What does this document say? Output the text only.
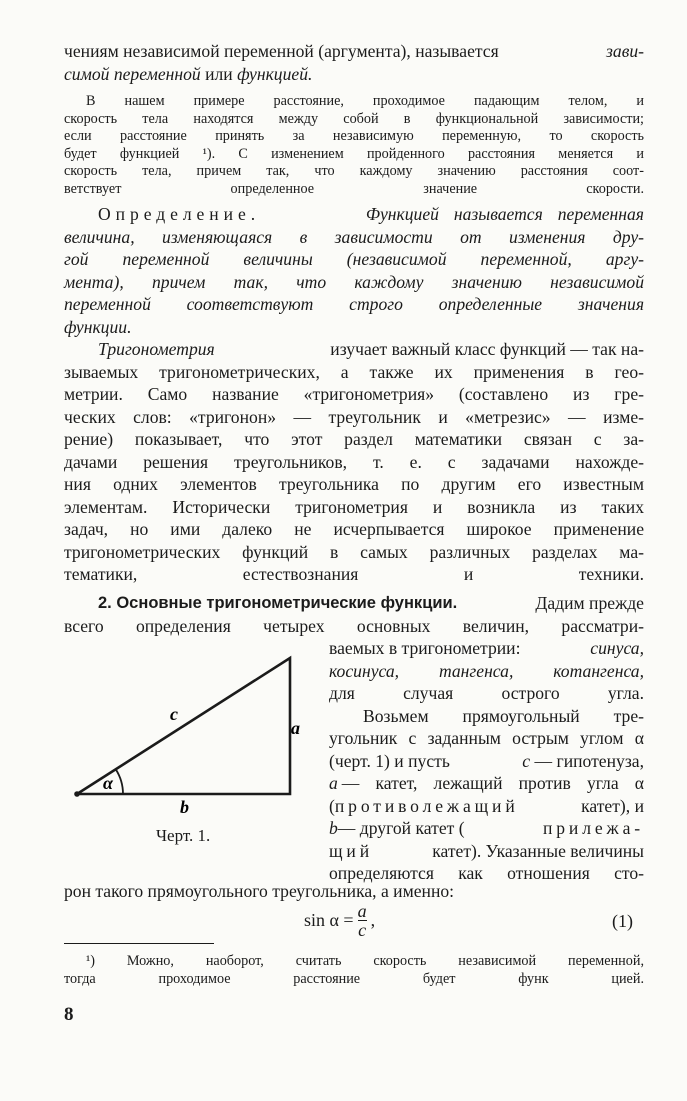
чениям независимой переменной (аргумента), называется	зави-
симой переменной или функцией.
В нашем примере расстояние, проходимое падающим телом, и
скорость тела находятся между собой в функциональной зависимости;
если расстояние принять за независимую переменную, то скорость
будет функцией ¹). С изменением пройденного расстояния меняется и
скорость тела, причем так, что каждому значению расстояния соот-
ветствует определенное значение скорости.
Определение.	Функцией называется переменная
величина, изменяющаяся в зависимости от изменения дру-
гой переменной величины (независимой переменной, аргу-
мента), причем так, что каждому значению независимой
переменной соответствуют строго определенные значения
функции.
Тригонометрия	изучает важный класс функций — так на-
зываемых тригонометрических, а также их применения в гео-
метрии. Само название «тригонометрия» (составлено из гре-
ческих слов: «тригонон» — треугольник и «метрезис» — изме-
рение) показывает, что этот раздел математики связан с за-
дачами решения треугольников, т. е. с задачами нахожде-
ния одних элементов треугольника по другим его известным
элементам. Исторически тригонометрия и возникла из таких
задач, но ими далеко не исчерпывается широкое применение
тригонометрических функций в самых различных разделах ма-
тематики, естествознания и техники.
2. Основные тригонометрические функции.	Дадим прежде
всего определения четырех основных величин, рассматри-
ваемых в тригонометрии:	синуса,
косинуса, тангенса, котангенса,
для случая острого угла.
Возьмем прямоугольный тре-
угольник с заданным острым углом α
(черт. 1) и пусть	c — гипотенуза,
a — катет, лежащий против угла α
(противолежащий	катет), и
b— другой катет (	прилежа-
щий	катет). Указанные величины
определяются как отношения сто-
рон такого прямоугольного треугольника, а именно:
c
a
b
α
Черт. 1.
$\sin \alpha = \frac{a}{c}$ ,	(1)
¹) Можно, наоборот, считать скорость независимой переменной,
тогда проходимое расстояние будет функ цией.
8
